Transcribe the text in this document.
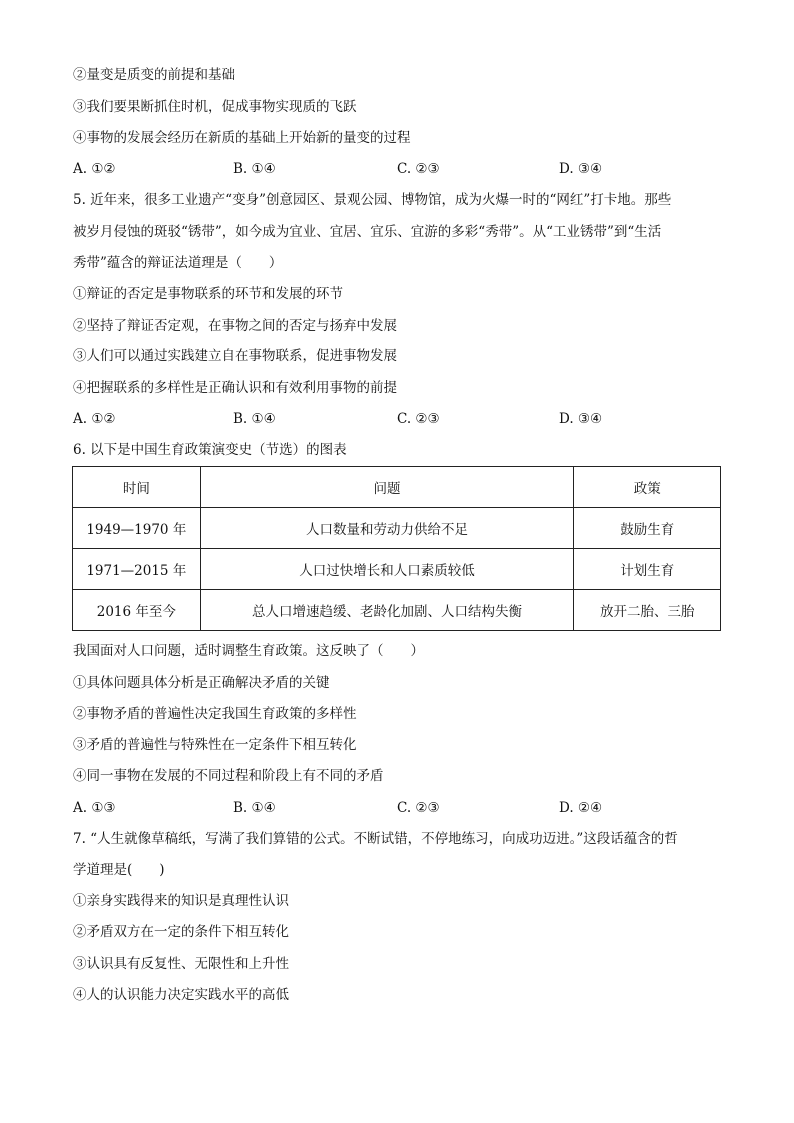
②量变是质变的前提和基础
③我们要果断抓住时机，促成事物实现质的飞跃
④事物的发展会经历在新质的基础上开始新的量变的过程
A. ①②	B. ①④	C. ②③	D. ③④
5. 近年来，很多工业遗产“变身”创意园区、景观公园、博物馆，成为火爆一时的“网红”打卡地。那些
被岁月侵蚀的斑驳“锈带”，如今成为宜业、宜居、宜乐、宜游的多彩“秀带”。从“工业锈带”到“生活
秀带”蕴含的辩证法道理是（　　）
①辩证的否定是事物联系的环节和发展的环节
②坚持了辩证否定观，在事物之间的否定与扬弃中发展
③人们可以通过实践建立自在事物联系，促进事物发展
④把握联系的多样性是正确认识和有效利用事物的前提
A. ①②	B. ①④	C. ②③	D. ③④
6. 以下是中国生育政策演变史（节选）的图表
时间	问题	政策
1949—1970 年	人口数量和劳动力供给不足	鼓励生育
1971—2015 年	人口过快增长和人口素质较低	计划生育
2016 年至今	总人口增速趋缓、老龄化加剧、人口结构失衡	放开二胎、三胎
我国面对人口问题，适时调整生育政策。这反映了（　　）
①具体问题具体分析是正确解决矛盾的关键
②事物矛盾的普遍性决定我国生育政策的多样性
③矛盾的普遍性与特殊性在一定条件下相互转化
④同一事物在发展的不同过程和阶段上有不同的矛盾
A. ①③	B. ①④	C. ②③	D. ②④
7. “人生就像草稿纸，写满了我们算错的公式。不断试错，不停地练习，向成功迈进。”这段话蕴含的哲
学道理是(　　)
①亲身实践得来的知识是真理性认识
②矛盾双方在一定的条件下相互转化
③认识具有反复性、无限性和上升性
④人的认识能力决定实践水平的高低
